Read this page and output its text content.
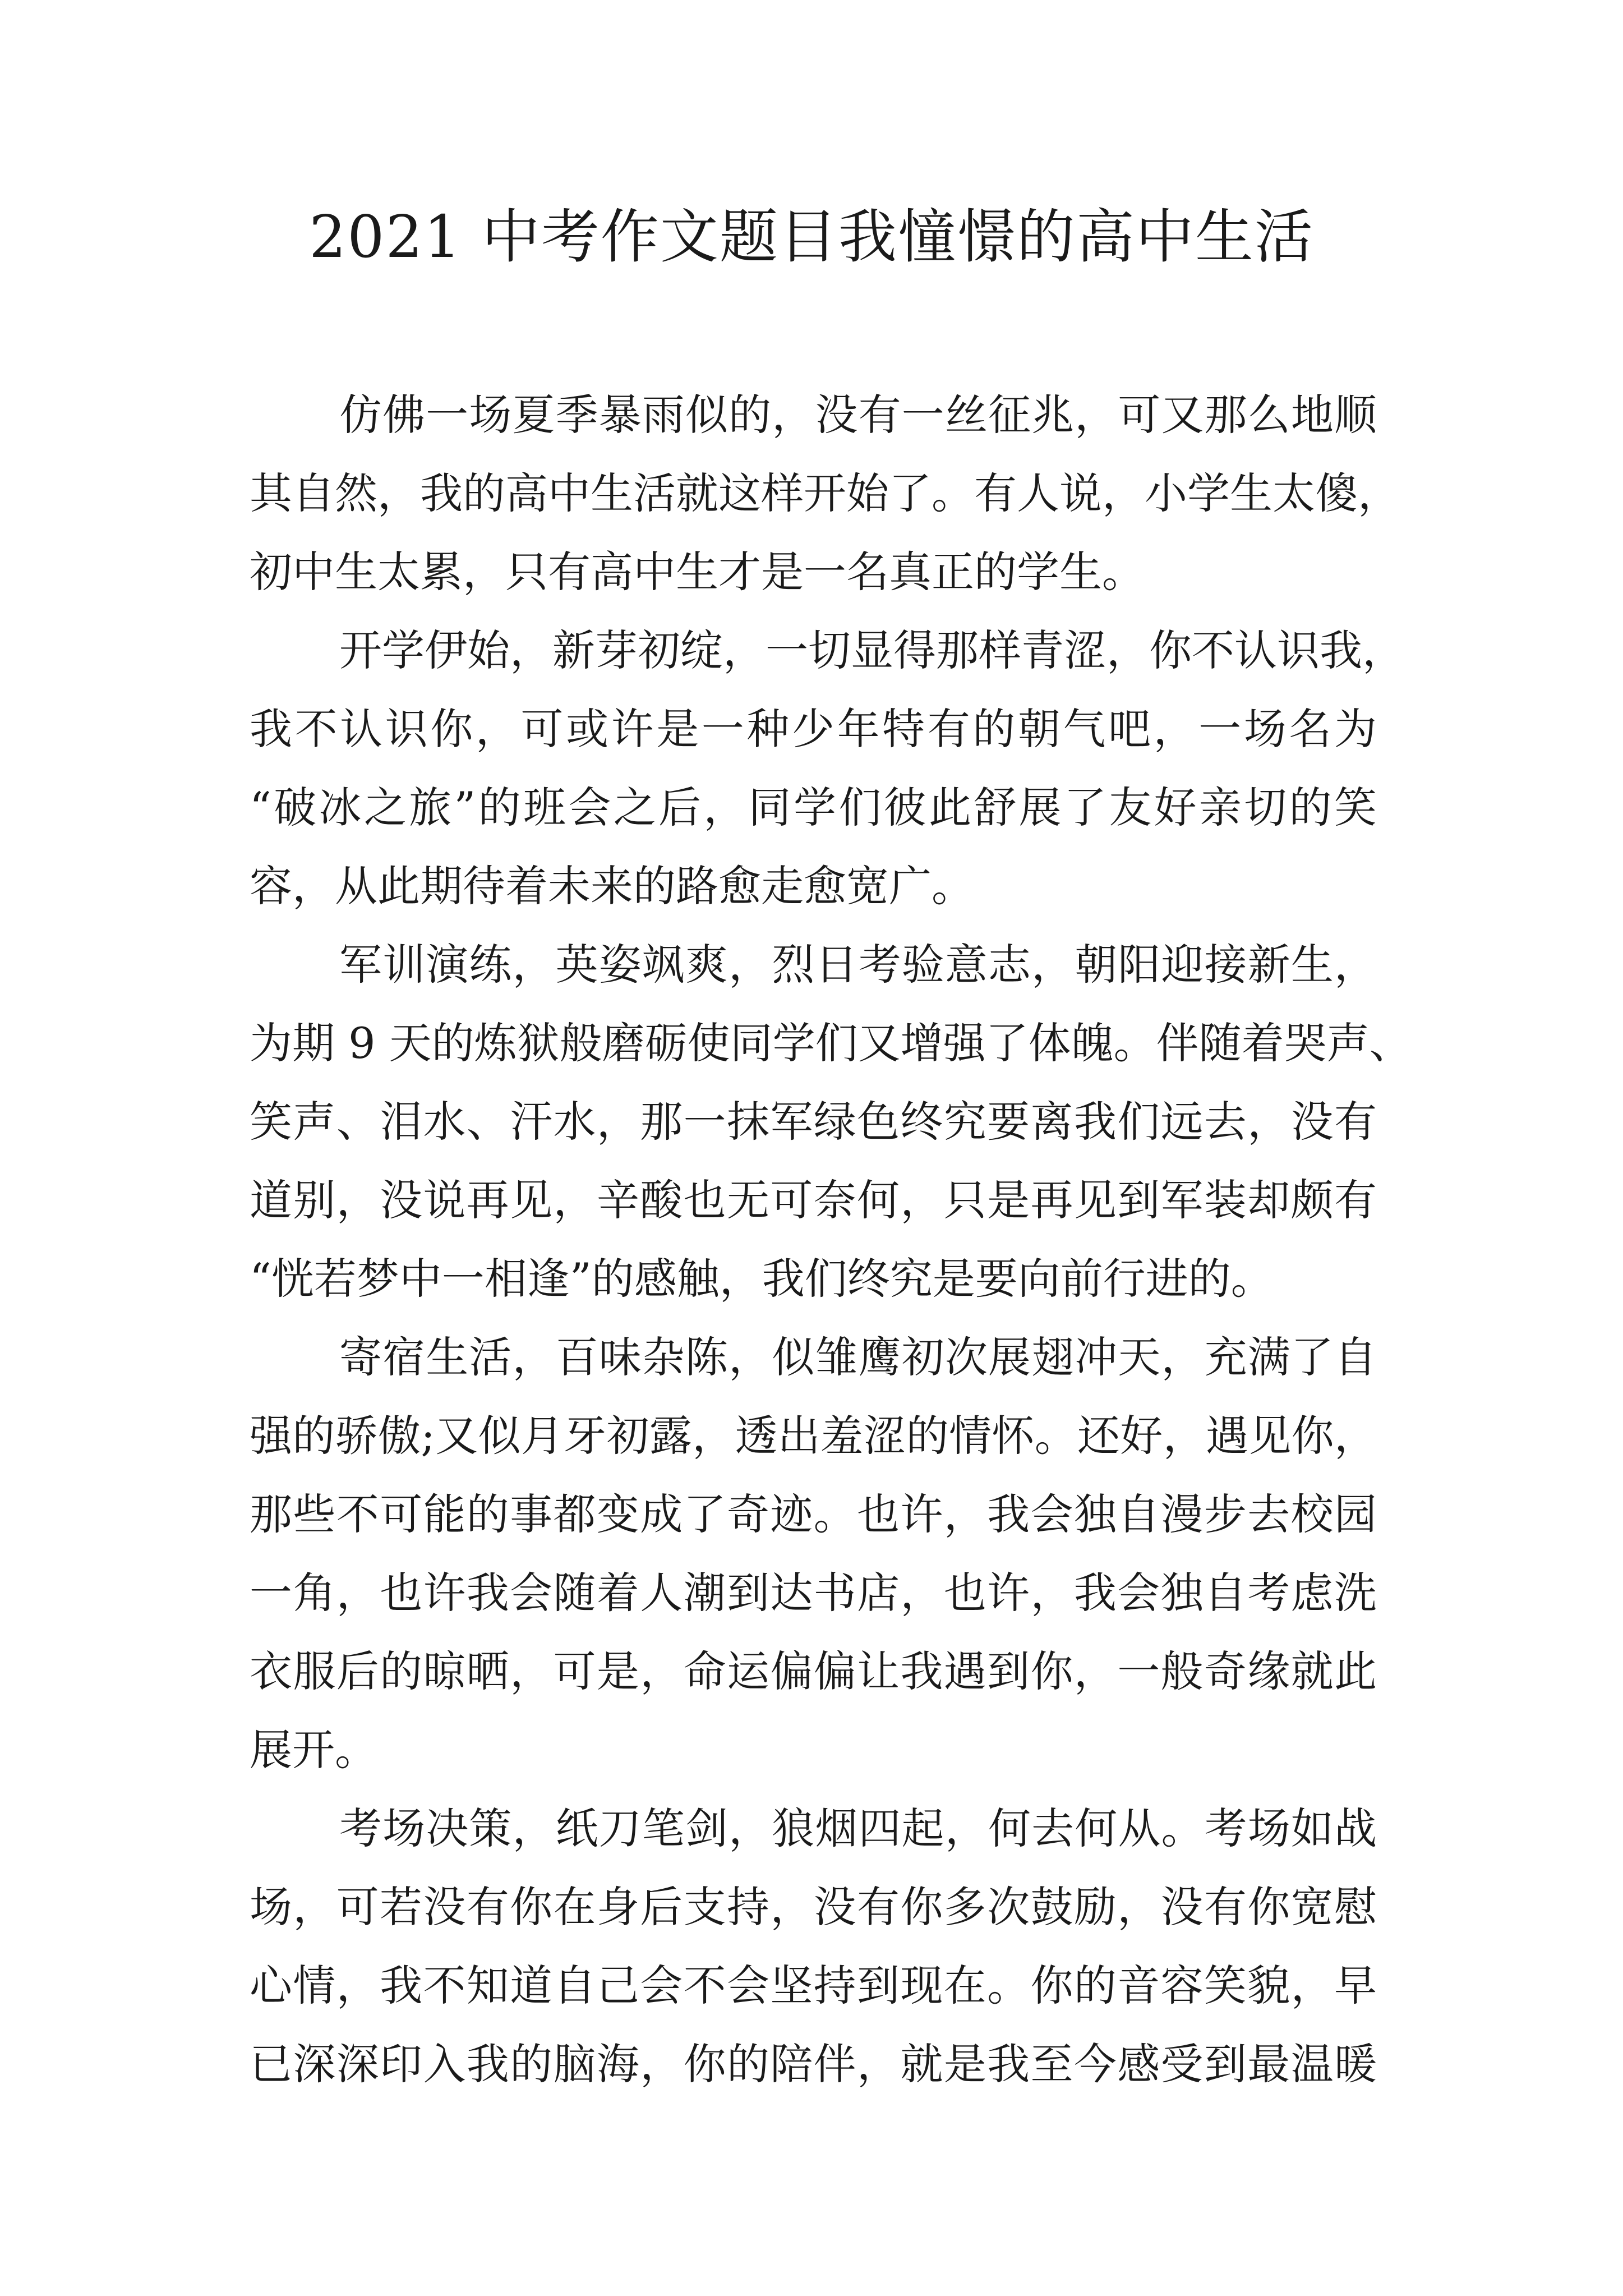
2021 中考作文题目我憧憬的高中生活
仿佛一场夏季暴雨似的，没有一丝征兆，可又那么地顺
其自然，我的高中生活就这样开始了。有人说，小学生太傻，
初中生太累，只有高中生才是一名真正的学生。
开学伊始，新芽初绽，一切显得那样青涩，你不认识我，
我不认识你，可或许是一种少年特有的朝气吧，一场名为
“破冰之旅”的班会之后，同学们彼此舒展了友好亲切的笑
容，从此期待着未来的路愈走愈宽广。
军训演练，英姿飒爽，烈日考验意志，朝阳迎接新生，
为期 9 天的炼狱般磨砺使同学们又增强了体魄。伴随着哭声、
笑声、泪水、汗水，那一抹军绿色终究要离我们远去，没有
道别，没说再见，辛酸也无可奈何，只是再见到军装却颇有
“恍若梦中一相逢”的感触，我们终究是要向前行进的。
寄宿生活，百味杂陈，似雏鹰初次展翅冲天，充满了自
强的骄傲;又似月牙初露，透出羞涩的情怀。还好，遇见你，
那些不可能的事都变成了奇迹。也许，我会独自漫步去校园
一角，也许我会随着人潮到达书店，也许，我会独自考虑洗
衣服后的晾晒，可是，命运偏偏让我遇到你，一般奇缘就此
展开。
考场决策，纸刀笔剑，狼烟四起，何去何从。考场如战
场，可若没有你在身后支持，没有你多次鼓励，没有你宽慰
心情，我不知道自己会不会坚持到现在。你的音容笑貌，早
已深深印入我的脑海，你的陪伴，就是我至今感受到最温暖
